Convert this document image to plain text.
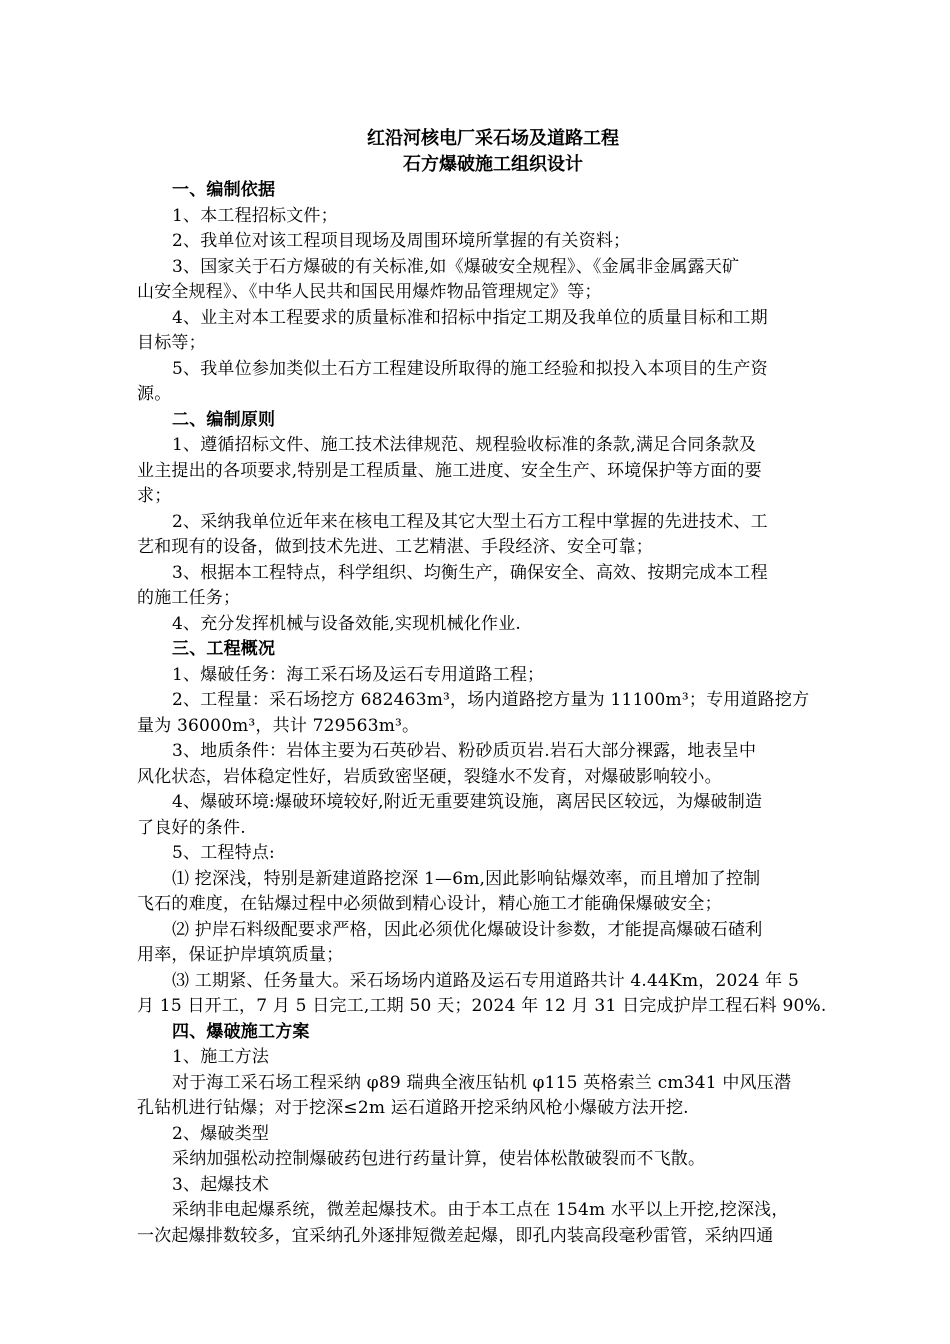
红沿河核电厂采石场及道路工程
石方爆破施工组织设计
一、编制依据
1、本工程招标文件；
2、我单位对该工程项目现场及周围环境所掌握的有关资料；
3、国家关于石方爆破的有关标准,如《爆破安全规程》、《金属非金属露天矿
山安全规程》、《中华人民共和国民用爆炸物品管理规定》等；
4、业主对本工程要求的质量标准和招标中指定工期及我单位的质量目标和工期
目标等；
5、我单位参加类似土石方工程建设所取得的施工经验和拟投入本项目的生产资
源。
二、编制原则
1、遵循招标文件、施工技术法律规范、规程验收标准的条款,满足合同条款及
业主提出的各项要求,特别是工程质量、施工进度、安全生产、环境保护等方面的要
求；
2、采纳我单位近年来在核电工程及其它大型土石方工程中掌握的先进技术、工
艺和现有的设备，做到技术先进、工艺精湛、手段经济、安全可靠；
3、根据本工程特点，科学组织、均衡生产，确保安全、高效、按期完成本工程
的施工任务；
4、充分发挥机械与设备效能,实现机械化作业.
三、工程概况
1、爆破任务：海工采石场及运石专用道路工程；
2、工程量：采石场挖方 682463m³，场内道路挖方量为 11100m³；专用道路挖方
量为 36000m³，共计 729563m³。
3、地质条件：岩体主要为石英砂岩、粉砂质页岩.岩石大部分裸露，地表呈中
风化状态，岩体稳定性好，岩质致密坚硬，裂缝水不发育，对爆破影响较小。
4、爆破环境:爆破环境较好,附近无重要建筑设施，离居民区较远，为爆破制造
了良好的条件.
5、工程特点:
⑴ 挖深浅，特别是新建道路挖深 1—6m,因此影响钻爆效率，而且增加了控制
飞石的难度，在钻爆过程中必须做到精心设计，精心施工才能确保爆破安全；
⑵ 护岸石料级配要求严格，因此必须优化爆破设计参数，才能提高爆破石碴利
用率，保证护岸填筑质量；
⑶ 工期紧、任务量大。采石场场内道路及运石专用道路共计 4.44Km，2024 年 5
月 15 日开工，7 月 5 日完工,工期 50 天；2024 年 12 月 31 日完成护岸工程石料 90%.
四、爆破施工方案
1、施工方法
对于海工采石场工程采纳 φ89 瑞典全液压钻机 φ115 英格索兰 cm341 中风压潜
孔钻机进行钻爆；对于挖深≤2m 运石道路开挖采纳风枪小爆破方法开挖.
2、爆破类型
采纳加强松动控制爆破药包进行药量计算，使岩体松散破裂而不飞散。
3、起爆技术
采纳非电起爆系统，微差起爆技术。由于本工点在 154m 水平以上开挖,挖深浅，
一次起爆排数较多，宜采纳孔外逐排短微差起爆，即孔内装高段毫秒雷管，采纳四通
